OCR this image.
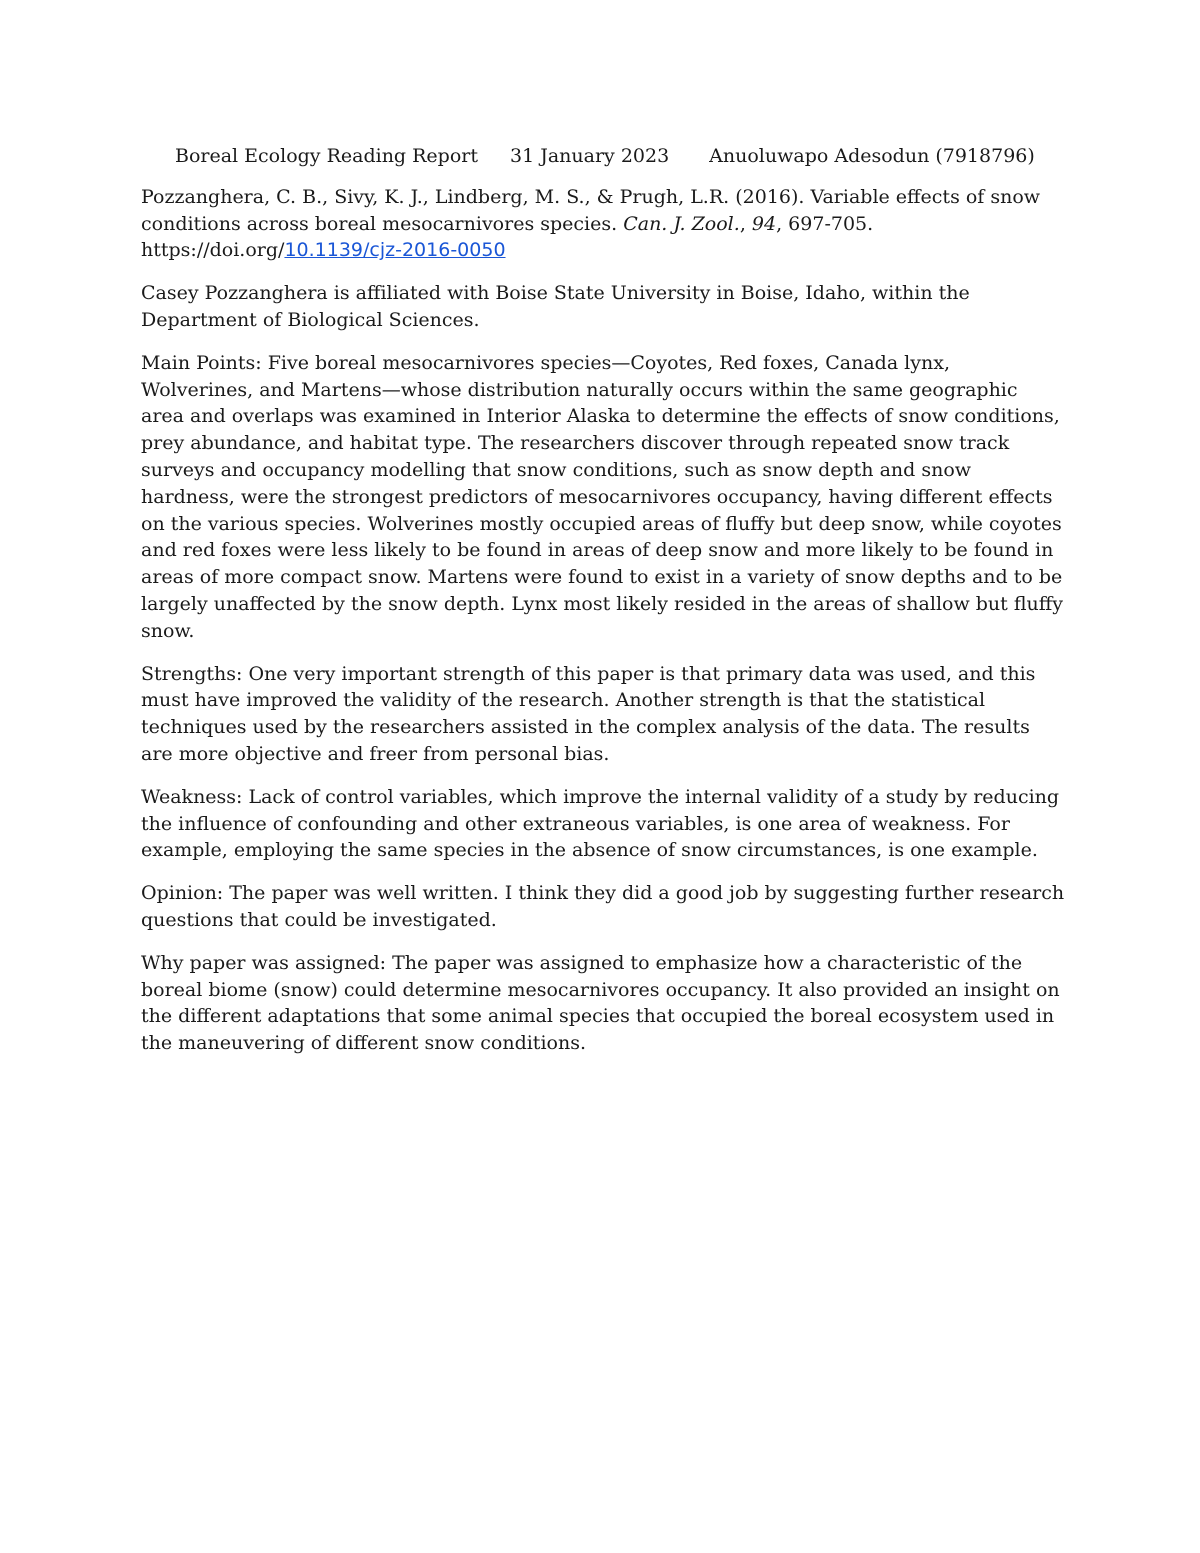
Boreal Ecology Reading Report 31 January 2023 Anuoluwapo Adesodun (7918796)

Pozzanghera, C. B., Sivy, K. J., Lindberg, M. S., & Prugh, L.R. (2016). Variable effects of snow conditions across boreal mesocarnivores species. Can. J. Zool., 94, 697-705.
https://doi.org/10.1139/cjz-2016-0050

Casey Pozzanghera is affiliated with Boise State University in Boise, Idaho, within the Department of Biological Sciences.

Main Points: Five boreal mesocarnivores species—Coyotes, Red foxes, Canada lynx, Wolverines, and Martens—whose distribution naturally occurs within the same geographic area and overlaps was examined in Interior Alaska to determine the effects of snow conditions, prey abundance, and habitat type. The researchers discover through repeated snow track surveys and occupancy modelling that snow conditions, such as snow depth and snow hardness, were the strongest predictors of mesocarnivores occupancy, having different effects on the various species. Wolverines mostly occupied areas of fluffy but deep snow, while coyotes and red foxes were less likely to be found in areas of deep snow and more likely to be found in areas of more compact snow. Martens were found to exist in a variety of snow depths and to be largely unaffected by the snow depth. Lynx most likely resided in the areas of shallow but fluffy snow.

Strengths: One very important strength of this paper is that primary data was used, and this must have improved the validity of the research. Another strength is that the statistical techniques used by the researchers assisted in the complex analysis of the data. The results are more objective and freer from personal bias.

Weakness: Lack of control variables, which improve the internal validity of a study by reducing the influence of confounding and other extraneous variables, is one area of weakness. For example, employing the same species in the absence of snow circumstances, is one example.

Opinion: The paper was well written. I think they did a good job by suggesting further research questions that could be investigated.

Why paper was assigned: The paper was assigned to emphasize how a characteristic of the boreal biome (snow) could determine mesocarnivores occupancy. It also provided an insight on the different adaptations that some animal species that occupied the boreal ecosystem used in the maneuvering of different snow conditions.
